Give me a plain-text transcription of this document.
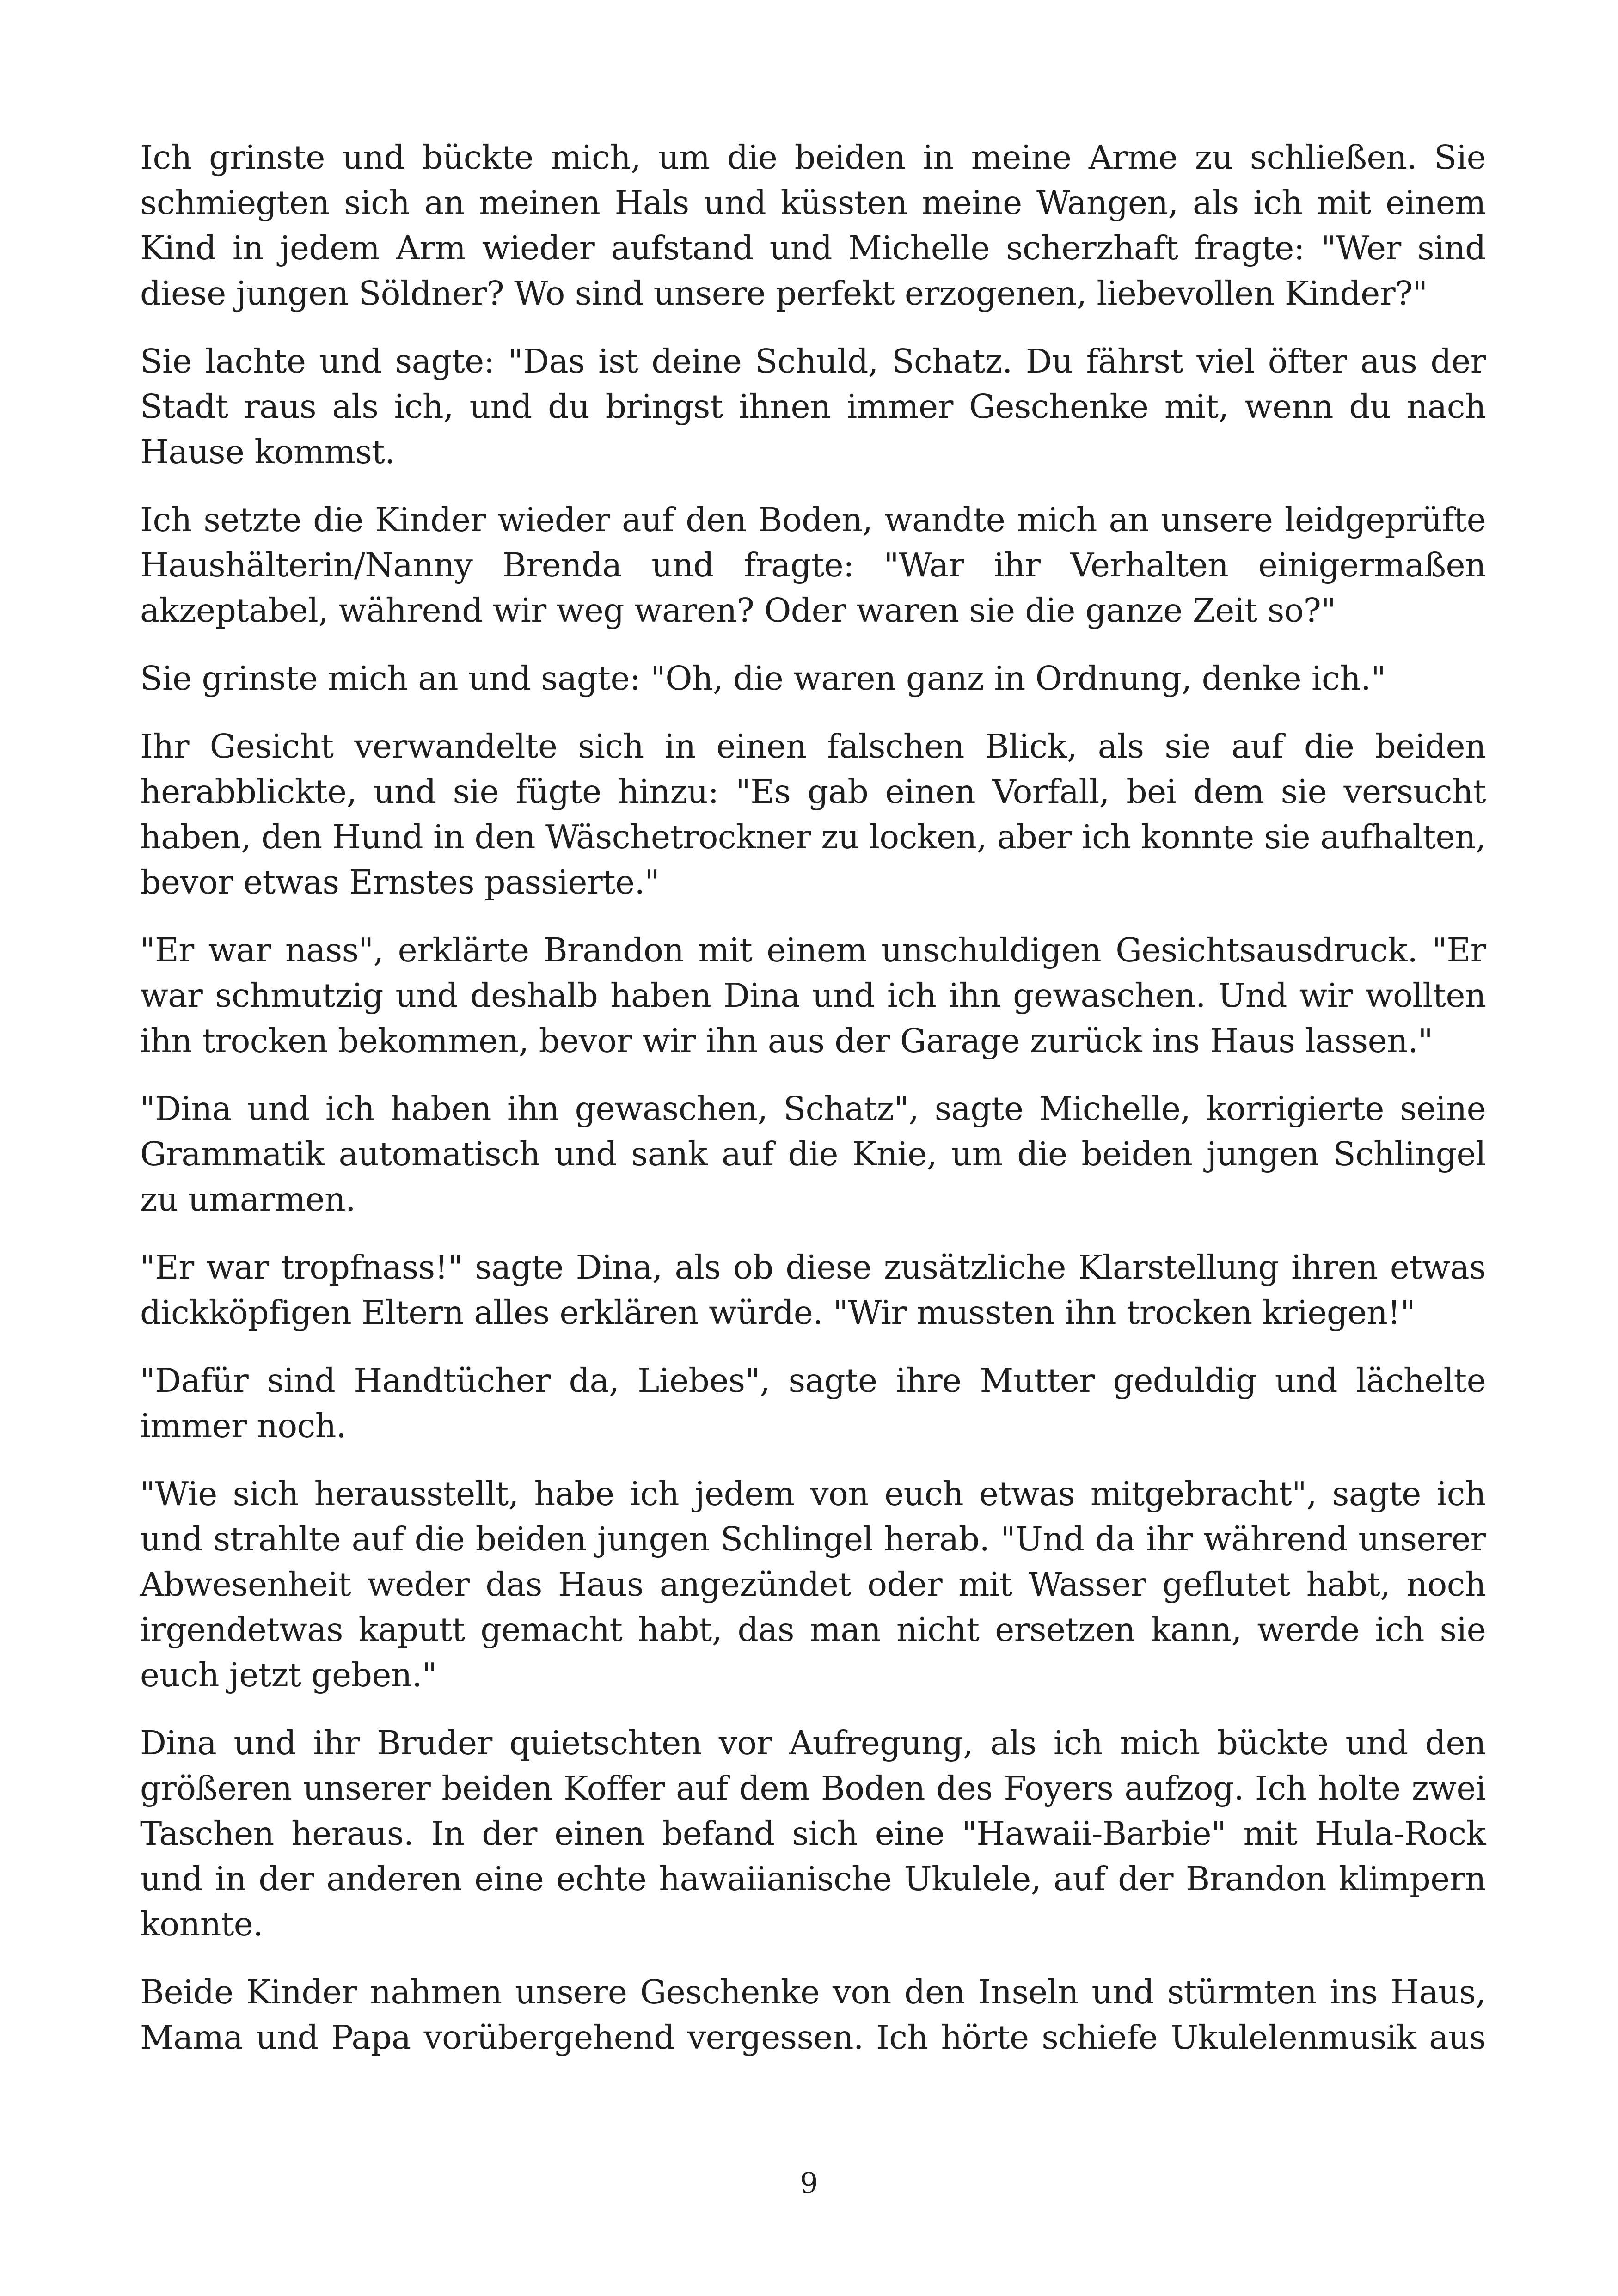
Ich grinste und bückte mich, um die beiden in meine Arme zu schließen. Sie schmiegten sich an meinen Hals und küssten meine Wangen, als ich mit einem Kind in jedem Arm wieder aufstand und Michelle scherzhaft fragte: "Wer sind diese jungen Söldner? Wo sind unsere perfekt erzogenen, liebevollen Kinder?"

Sie lachte und sagte: "Das ist deine Schuld, Schatz. Du fährst viel öfter aus der Stadt raus als ich, und du bringst ihnen immer Geschenke mit, wenn du nach Hause kommst.

Ich setzte die Kinder wieder auf den Boden, wandte mich an unsere leidgeprüfte Haushälterin/Nanny Brenda und fragte: "War ihr Verhalten einigermaßen akzeptabel, während wir weg waren? Oder waren sie die ganze Zeit so?"

Sie grinste mich an und sagte: "Oh, die waren ganz in Ordnung, denke ich."

Ihr Gesicht verwandelte sich in einen falschen Blick, als sie auf die beiden herabblickte, und sie fügte hinzu: "Es gab einen Vorfall, bei dem sie versucht haben, den Hund in den Wäschetrockner zu locken, aber ich konnte sie aufhalten, bevor etwas Ernstes passierte."

"Er war nass", erklärte Brandon mit einem unschuldigen Gesichtsausdruck. "Er war schmutzig und deshalb haben Dina und ich ihn gewaschen. Und wir wollten ihn trocken bekommen, bevor wir ihn aus der Garage zurück ins Haus lassen."

"Dina und ich haben ihn gewaschen, Schatz", sagte Michelle, korrigierte seine Grammatik automatisch und sank auf die Knie, um die beiden jungen Schlingel zu umarmen.

"Er war tropfnass!" sagte Dina, als ob diese zusätzliche Klarstellung ihren etwas dickköpfigen Eltern alles erklären würde. "Wir mussten ihn trocken kriegen!"

"Dafür sind Handtücher da, Liebes", sagte ihre Mutter geduldig und lächelte immer noch.

"Wie sich herausstellt, habe ich jedem von euch etwas mitgebracht", sagte ich und strahlte auf die beiden jungen Schlingel herab. "Und da ihr während unserer Abwesenheit weder das Haus angezündet oder mit Wasser geflutet habt, noch irgendetwas kaputt gemacht habt, das man nicht ersetzen kann, werde ich sie euch jetzt geben."

Dina und ihr Bruder quietschten vor Aufregung, als ich mich bückte und den größeren unserer beiden Koffer auf dem Boden des Foyers aufzog. Ich holte zwei Taschen heraus. In der einen befand sich eine "Hawaii-Barbie" mit Hula-Rock und in der anderen eine echte hawaiianische Ukulele, auf der Brandon klimpern konnte.

Beide Kinder nahmen unsere Geschenke von den Inseln und stürmten ins Haus, Mama und Papa vorübergehend vergessen. Ich hörte schiefe Ukulelenmusik aus

9
